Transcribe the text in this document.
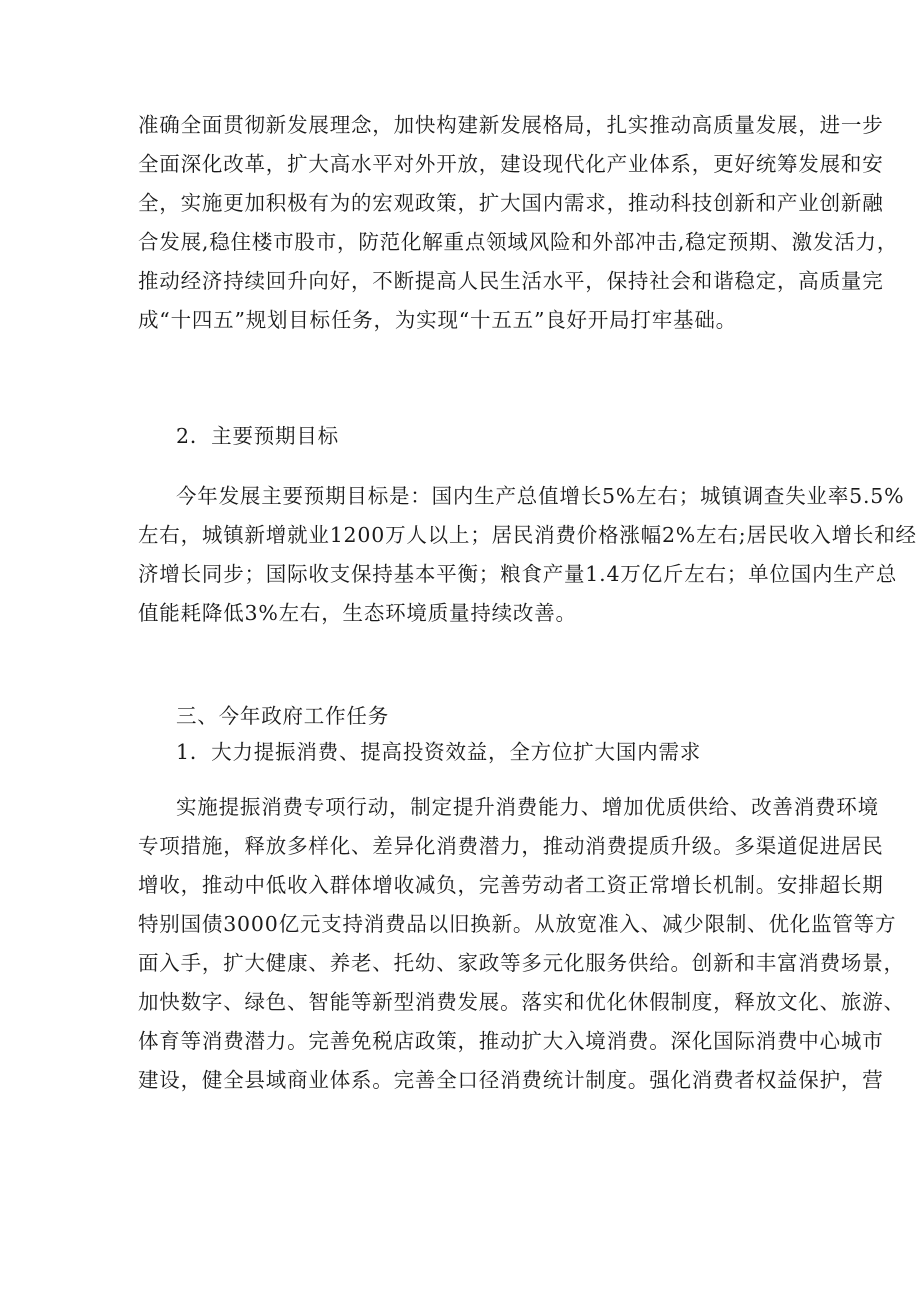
准确全面贯彻新发展理念，加快构建新发展格局，扎实推动高质量发展，进一步
全面深化改革，扩大高水平对外开放，建设现代化产业体系，更好统筹发展和安
全，实施更加积极有为的宏观政策，扩大国内需求，推动科技创新和产业创新融
合发展,稳住楼市股市，防范化解重点领域风险和外部冲击,稳定预期、激发活力，
推动经济持续回升向好，不断提高人民生活水平，保持社会和谐稳定，高质量完
成“十四五”规划目标任务，为实现“十五五”良好开局打牢基础。

2．主要预期目标

今年发展主要预期目标是：国内生产总值增长5%左右；城镇调查失业率5.5%
左右，城镇新增就业1200万人以上；居民消费价格涨幅2%左右;居民收入增长和经
济增长同步；国际收支保持基本平衡；粮食产量1.4万亿斤左右；单位国内生产总
值能耗降低3%左右，生态环境质量持续改善。

三、今年政府工作任务

1．大力提振消费、提高投资效益，全方位扩大国内需求

实施提振消费专项行动，制定提升消费能力、增加优质供给、改善消费环境
专项措施，释放多样化、差异化消费潜力，推动消费提质升级。多渠道促进居民
增收，推动中低收入群体增收减负，完善劳动者工资正常增长机制。安排超长期
特别国债3000亿元支持消费品以旧换新。从放宽准入、减少限制、优化监管等方
面入手，扩大健康、养老、托幼、家政等多元化服务供给。创新和丰富消费场景，
加快数字、绿色、智能等新型消费发展。落实和优化休假制度，释放文化、旅游、
体育等消费潜力。完善免税店政策，推动扩大入境消费。深化国际消费中心城市
建设，健全县域商业体系。完善全口径消费统计制度。强化消费者权益保护，营
